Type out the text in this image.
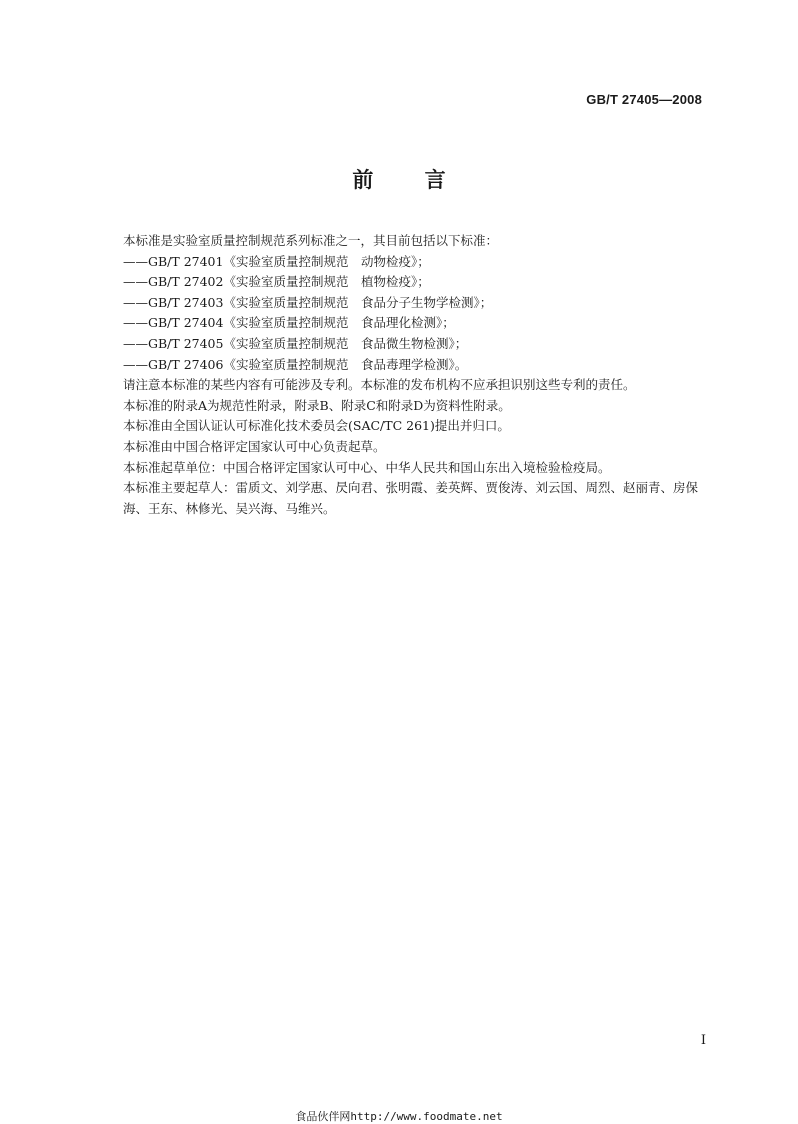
GB/T 27405—2008
前 言
本标准是实验室质量控制规范系列标准之一，其目前包括以下标准：
——GB/T 27401《实验室质量控制规范　动物检疫》；
——GB/T 27402《实验室质量控制规范　植物检疫》；
——GB/T 27403《实验室质量控制规范　食品分子生物学检测》；
——GB/T 27404《实验室质量控制规范　食品理化检测》；
——GB/T 27405《实验室质量控制规范　食品微生物检测》；
——GB/T 27406《实验室质量控制规范　食品毒理学检测》。
请注意本标准的某些内容有可能涉及专利。本标准的发布机构不应承担识别这些专利的责任。
本标准的附录A为规范性附录，附录B、附录C和附录D为资料性附录。
本标准由全国认证认可标准化技术委员会(SAC/TC 261)提出并归口。
本标准由中国合格评定国家认可中心负责起草。
本标准起草单位：中国合格评定国家认可中心、中华人民共和国山东出入境检验检疫局。
本标准主要起草人：雷质文、刘学惠、昃向君、张明霞、姜英辉、贾俊涛、刘云国、周烈、赵丽青、房保海、王东、林修光、吴兴海、马维兴。
I
食品伙伴网http://www.foodmate.net
